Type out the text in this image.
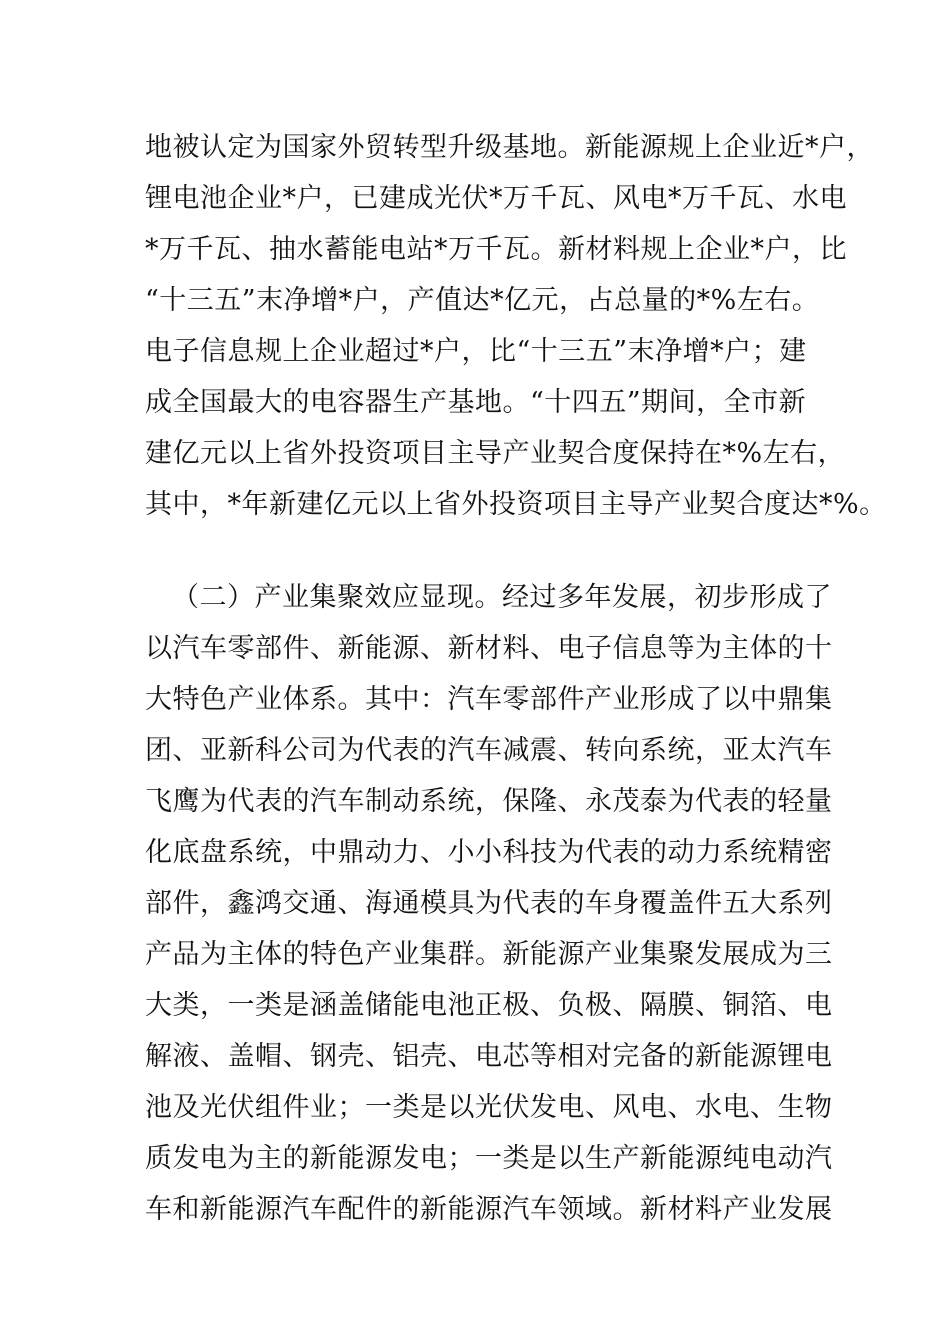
地被认定为国家外贸转型升级基地。新能源规上企业近*户，
锂电池企业*户，已建成光伏*万千瓦、风电*万千瓦、水电
*万千瓦、抽水蓄能电站*万千瓦。新材料规上企业*户，比
“十三五”末净增*户，产值达*亿元，占总量的*%左右。
电子信息规上企业超过*户，比“十三五”末净增*户；建
成全国最大的电容器生产基地。“十四五”期间，全市新
建亿元以上省外投资项目主导产业契合度保持在*%左右，
其中，*年新建亿元以上省外投资项目主导产业契合度达*%。
（二）产业集聚效应显现。经过多年发展，初步形成了
以汽车零部件、新能源、新材料、电子信息等为主体的十
大特色产业体系。其中：汽车零部件产业形成了以中鼎集
团、亚新科公司为代表的汽车减震、转向系统，亚太汽车
飞鹰为代表的汽车制动系统，保隆、永茂泰为代表的轻量
化底盘系统，中鼎动力、小小科技为代表的动力系统精密
部件，鑫鸿交通、海通模具为代表的车身覆盖件五大系列
产品为主体的特色产业集群。新能源产业集聚发展成为三
大类，一类是涵盖储能电池正极、负极、隔膜、铜箔、电
解液、盖帽、钢壳、铝壳、电芯等相对完备的新能源锂电
池及光伏组件业；一类是以光伏发电、风电、水电、生物
质发电为主的新能源发电；一类是以生产新能源纯电动汽
车和新能源汽车配件的新能源汽车领域。新材料产业发展
